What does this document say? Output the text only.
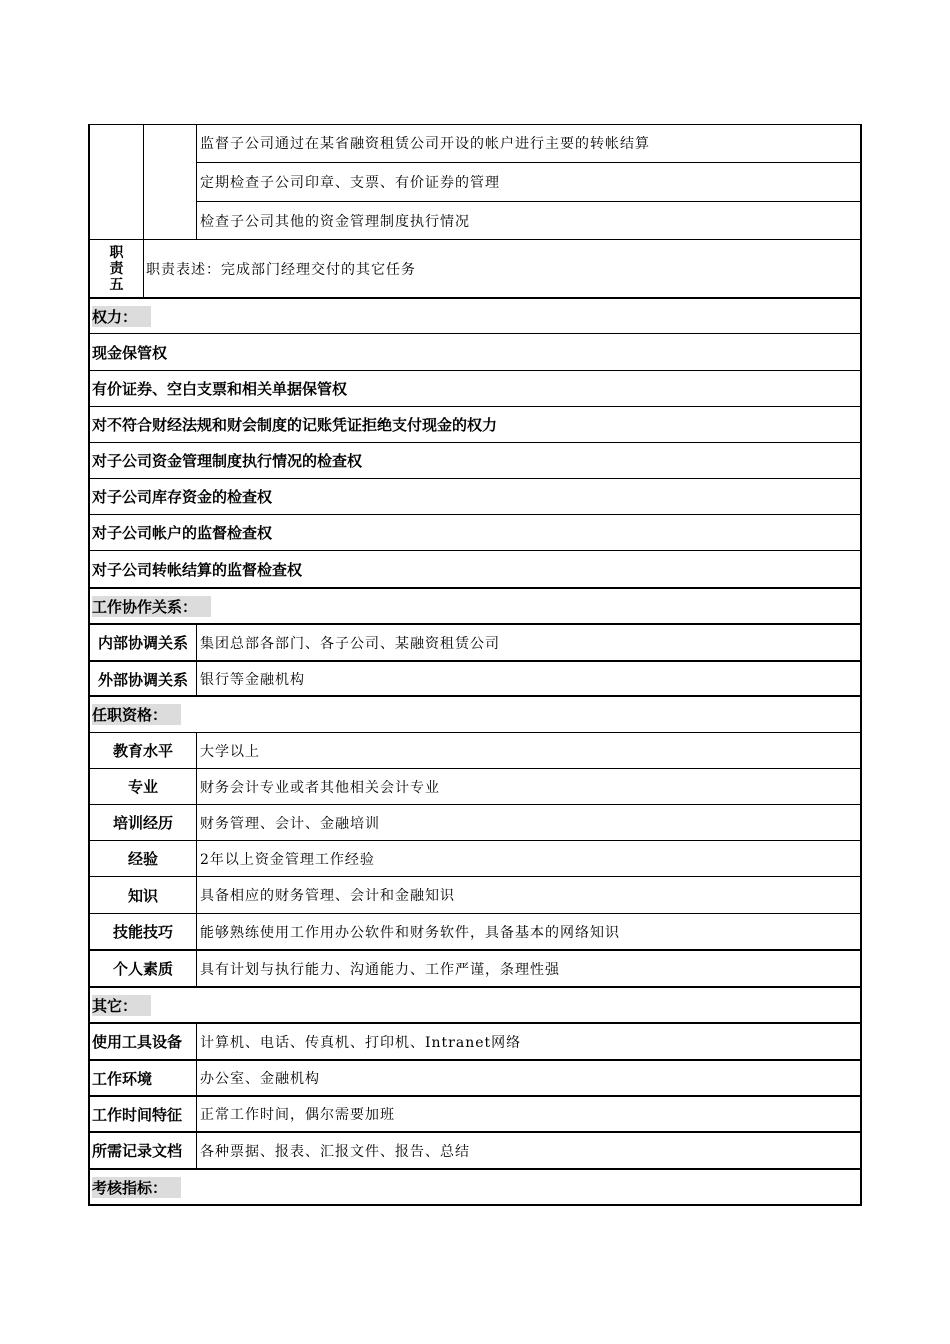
监督子公司通过在某省融资租赁公司开设的帐户进行主要的转帐结算
定期检查子公司印章、支票、有价证券的管理
检查子公司其他的资金管理制度执行情况
职
责
五
职责表述：完成部门经理交付的其它任务
权力：
现金保管权
有价证券、空白支票和相关单据保管权
对不符合财经法规和财会制度的记账凭证拒绝支付现金的权力
对子公司资金管理制度执行情况的检查权
对子公司库存资金的检查权
对子公司帐户的监督检查权
对子公司转帐结算的监督检查权
工作协作关系：
内部协调关系 集团总部各部门、各子公司、某融资租赁公司
外部协调关系 银行等金融机构
任职资格：
教育水平	大学以上
专业	财务会计专业或者其他相关会计专业
培训经历	财务管理、会计、金融培训
经验	2年以上资金管理工作经验
知识	具备相应的财务管理、会计和金融知识
技能技巧	能够熟练使用工作用办公软件和财务软件，具备基本的网络知识
个人素质	具有计划与执行能力、沟通能力、工作严谨，条理性强
其它：
使用工具设备	计算机、电话、传真机、打印机、Intranet网络
工作环境	办公室、金融机构
工作时间特征	正常工作时间，偶尔需要加班
所需记录文档	各种票据、报表、汇报文件、报告、总结
考核指标：
